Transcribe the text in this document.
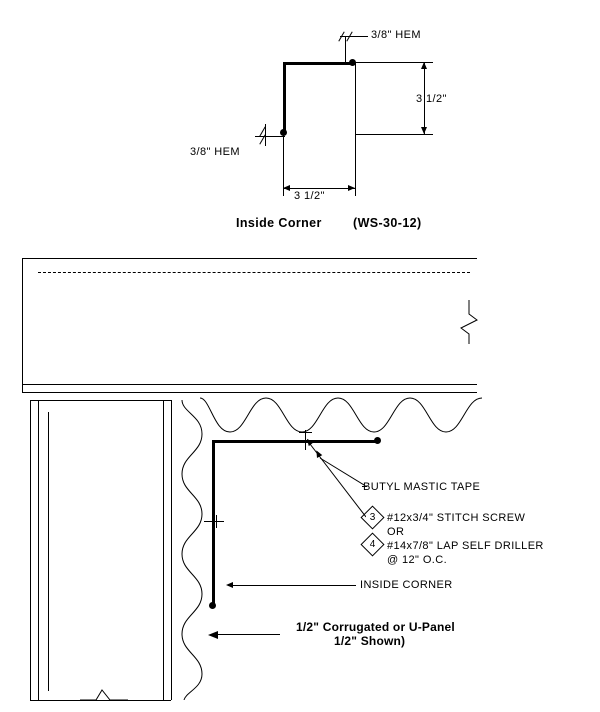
3/8" HEM
3/8" HEM
3 1/2"
3 1/2"
Inside Corner (WS-30-12)
BUTYL MASTIC TAPE
3	#12x3/4" STITCH SCREW
OR
4	#14x7/8" LAP SELF DRILLER
@ 12" O.C.
INSIDE CORNER
1/2" Corrugated or U-Panel
1/2" Shown)
